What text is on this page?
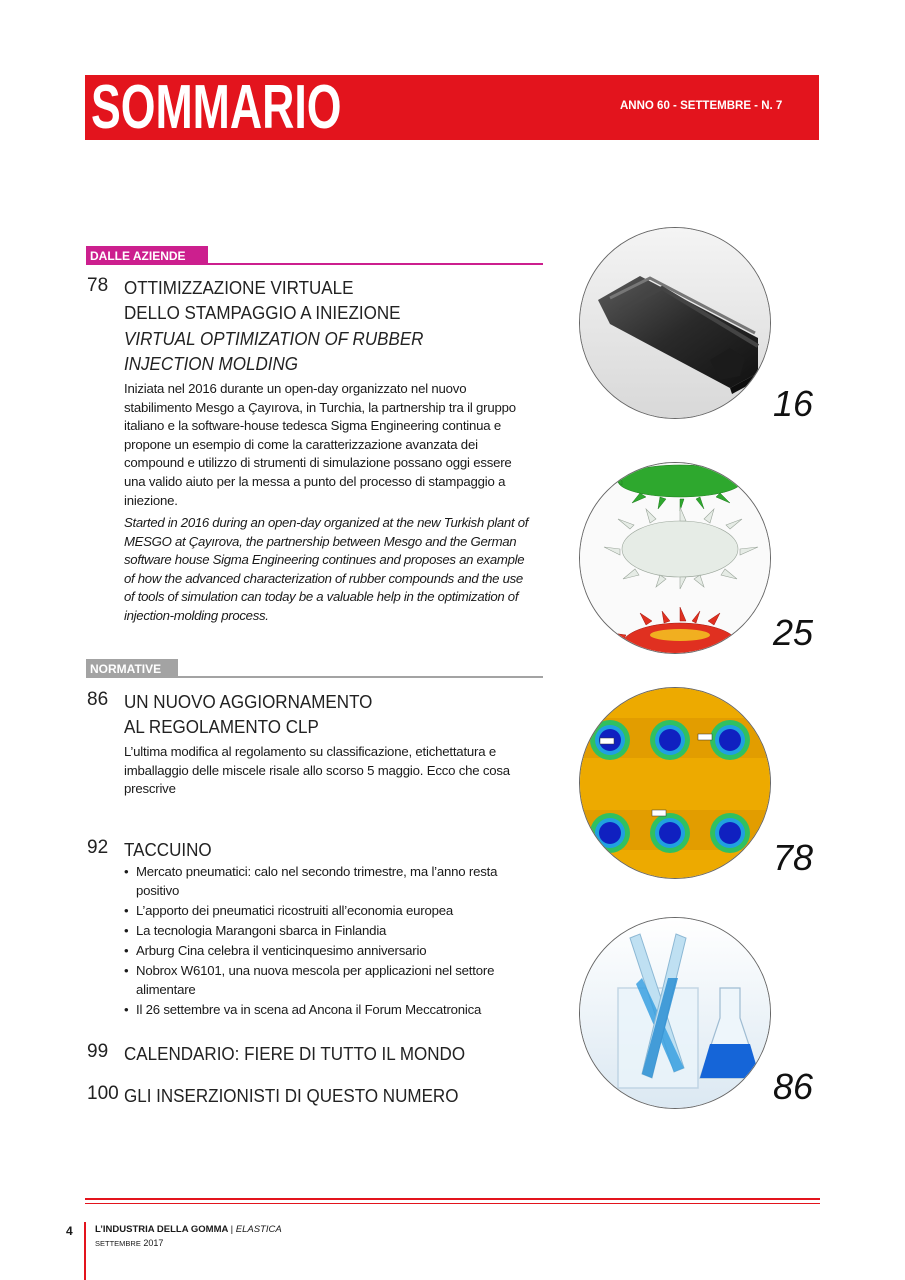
SOMMARIO	ANNO 60 - SETTEMBRE - N. 7
DALLE AZIENDE
78 OTTIMIZZAZIONE VIRTUALE
DELLO STAMPAGGIO A INIEZIONE
VIRTUAL OPTIMIZATION OF RUBBER
INJECTION MOLDING
Iniziata nel 2016 durante un open-day organizzato nel nuovo stabilimento Mesgo a Çayırova, in Turchia, la partnership tra il gruppo italiano e la software-house tedesca Sigma Engineering continua e propone un esempio di come la caratterizzazione avanzata dei compound e utilizzo di strumenti di simulazione possano oggi essere una valido aiuto per la messa a punto del processo di stampaggio a iniezione.
Started in 2016 during an open-day organized at the new Turkish plant of MESGO at Çayırova, the partnership between Mesgo and the German software house Sigma Engineering continues and proposes an example of how the advanced characterization of rubber compounds and the use of tools of simulation can today be a valuable help in the optimization of injection-molding process.
NORMATIVE
86 UN NUOVO AGGIORNAMENTO
AL REGOLAMENTO CLP
L’ultima modifica al regolamento su classificazione, etichettatura e imballaggio delle miscele risale allo scorso 5 maggio. Ecco che cosa prescrive
92 TACCUINO
• Mercato pneumatici: calo nel secondo trimestre, ma l’anno resta positivo
• L’apporto dei pneumatici ricostruiti all’economia europea
• La tecnologia Marangoni sbarca in Finlandia
• Arburg Cina celebra il venticinquesimo anniversario
• Nobrox W6101, una nuova mescola per applicazioni nel settore alimentare
• Il 26 settembre va in scena ad Ancona il Forum Meccatronica
99 CALENDARIO: FIERE DI TUTTO IL MONDO
100 GLI INSERZIONISTI DI QUESTO NUMERO
16
25
78
86
4 L’INDUSTRIA DELLA GOMMA | ELASTICA
SETTEMBRE 2017
